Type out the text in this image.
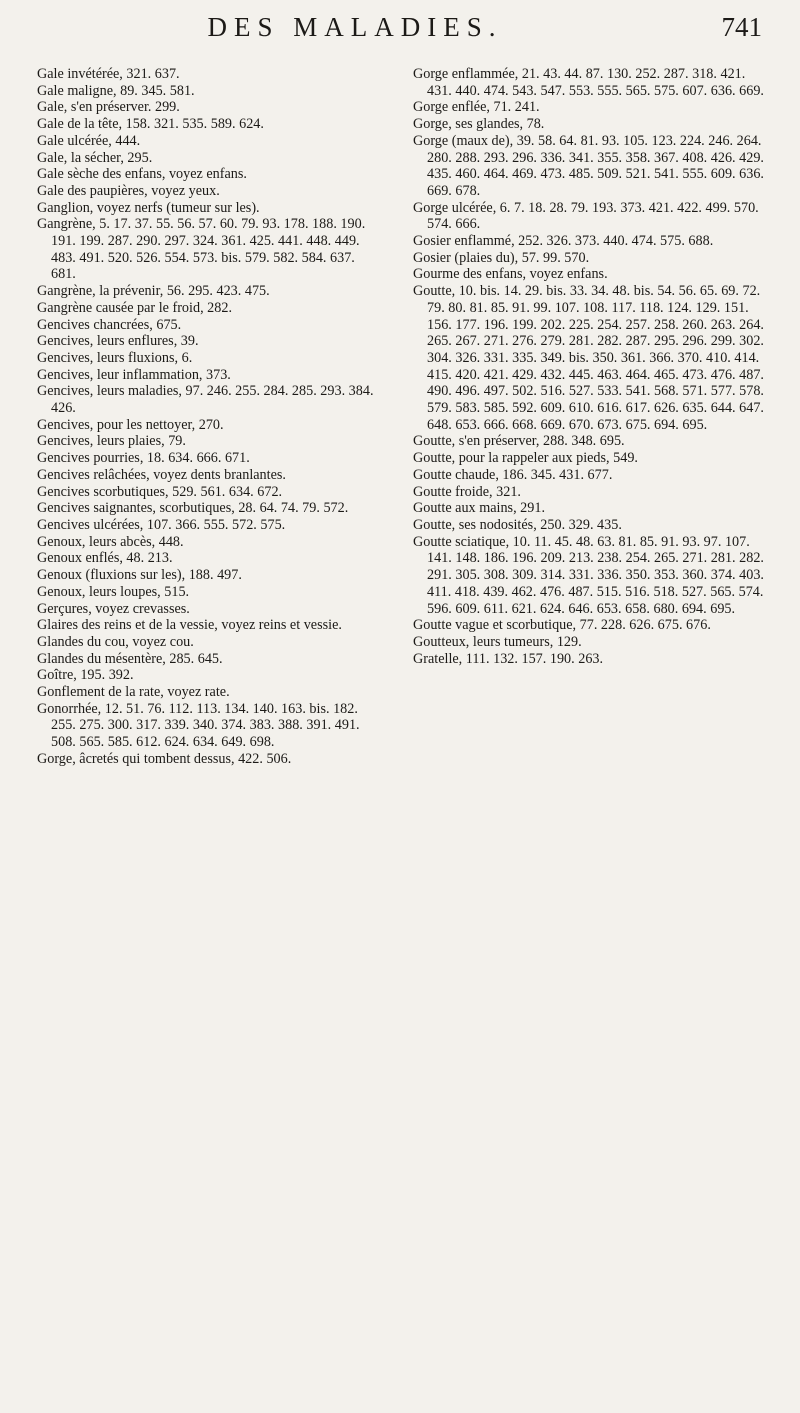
DES MALADIES.	741

Gale invétérée, 321. 637.

Gale maligne, 89. 345. 581.

Gale, s'en préserver. 299.

Gale de la tête, 158. 321. 535. 589. 624.

Gale ulcérée, 444.

Gale, la sécher, 295.

Gale sèche des enfans, voyez enfans.

Gale des paupières, voyez yeux.

Ganglion, voyez nerfs (tumeur sur les).

Gangrène, 5. 17. 37. 55. 56. 57. 60. 79. 93. 178. 188. 190. 191. 199. 287. 290. 297. 324. 361. 425. 441. 448. 449. 483. 491. 520. 526. 554. 573. bis. 579. 582. 584. 637. 681.

Gangrène, la prévenir, 56. 295. 423. 475.

Gangrène causée par le froid, 282.

Gencives chancrées, 675.

Gencives, leurs enflures, 39.

Gencives, leurs fluxions, 6.

Gencives, leur inflammation, 373.

Gencives, leurs maladies, 97. 246. 255. 284. 285. 293. 384. 426.

Gencives, pour les nettoyer, 270.

Gencives, leurs plaies, 79.

Gencives pourries, 18. 634. 666. 671.

Gencives relâchées, voyez dents branlantes.

Gencives scorbutiques, 529. 561. 634. 672.

Gencives saignantes, scorbutiques, 28. 64. 74. 79. 572.

Gencives ulcérées, 107. 366. 555. 572. 575.

Genoux, leurs abcès, 448.

Genoux enflés, 48. 213.

Genoux (fluxions sur les), 188. 497.

Genoux, leurs loupes, 515.

Gerçures, voyez crevasses.

Glaires des reins et de la vessie, voyez reins et vessie.

Glandes du cou, voyez cou.

Glandes du mésentère, 285. 645.

Goître, 195. 392.

Gonflement de la rate, voyez rate.

Gonorrhée, 12. 51. 76. 112. 113. 134. 140. 163. bis. 182. 255. 275. 300. 317. 339. 340. 374. 383. 388. 391. 491. 508. 565. 585. 612. 624. 634. 649. 698.

Gorge, âcretés qui tombent dessus, 422. 506.

Gorge enflammée, 21. 43. 44. 87. 130. 252. 287. 318. 421. 431. 440. 474. 543. 547. 553. 555. 565. 575. 607. 636. 669.

Gorge enflée, 71. 241.

Gorge, ses glandes, 78.

Gorge (maux de), 39. 58. 64. 81. 93. 105. 123. 224. 246. 264. 280. 288. 293. 296. 336. 341. 355. 358. 367. 408. 426. 429. 435. 460. 464. 469. 473. 485. 509. 521. 541. 555. 609. 636. 669. 678.

Gorge ulcérée, 6. 7. 18. 28. 79. 193. 373. 421. 422. 499. 570. 574. 666.

Gosier enflammé, 252. 326. 373. 440. 474. 575. 688.

Gosier (plaies du), 57. 99. 570.

Gourme des enfans, voyez enfans.

Goutte, 10. bis. 14. 29. bis. 33. 34. 48. bis. 54. 56. 65. 69. 72. 79. 80. 81. 85. 91. 99. 107. 108. 117. 118. 124. 129. 151. 156. 177. 196. 199. 202. 225. 254. 257. 258. 260. 263. 264. 265. 267. 271. 276. 279. 281. 282. 287. 295. 296. 299. 302. 304. 326. 331. 335. 349. bis. 350. 361. 366. 370. 410. 414. 415. 420. 421. 429. 432. 445. 463. 464. 465. 473. 476. 487. 490. 496. 497. 502. 516. 527. 533. 541. 568. 571. 577. 578. 579. 583. 585. 592. 609. 610. 616. 617. 626. 635. 644. 647. 648. 653. 666. 668. 669. 670. 673. 675. 694. 695.

Goutte, s'en préserver, 288. 348. 695.

Goutte, pour la rappeler aux pieds, 549.

Goutte chaude, 186. 345. 431. 677.

Goutte froide, 321.

Goutte aux mains, 291.

Goutte, ses nodosités, 250. 329. 435.

Goutte sciatique, 10. 11. 45. 48. 63. 81. 85. 91. 93. 97. 107. 141. 148. 186. 196. 209. 213. 238. 254. 265. 271. 281. 282. 291. 305. 308. 309. 314. 331. 336. 350. 353. 360. 374. 403. 411. 418. 439. 462. 476. 487. 515. 516. 518. 527. 565. 574. 596. 609. 611. 621. 624. 646. 653. 658. 680. 694. 695.

Goutte vague et scorbutique, 77. 228. 626. 675. 676.

Goutteux, leurs tumeurs, 129.

Gratelle, 111. 132. 157. 190. 263.
